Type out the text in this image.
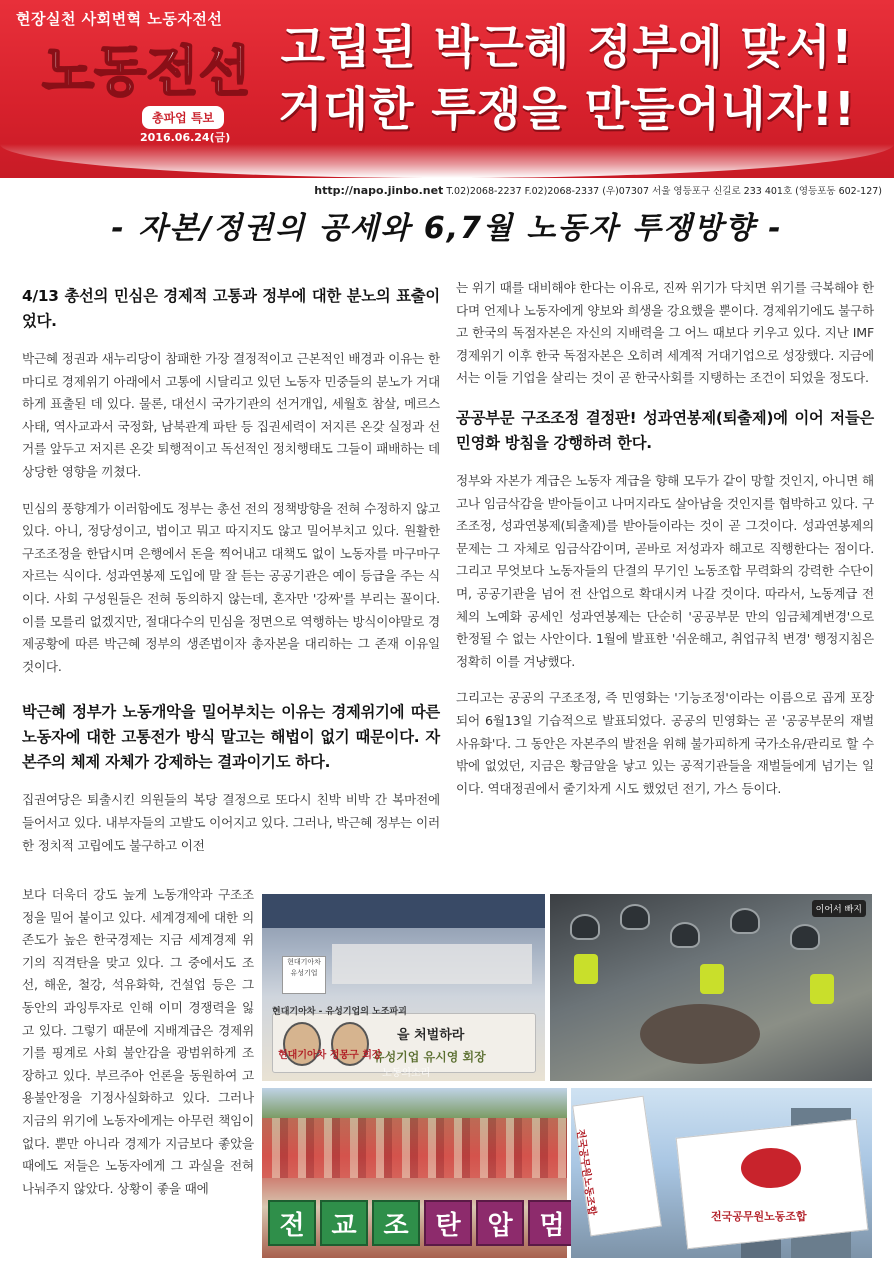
현장실천 사회변혁 노동자전선
노동전선
총파업 특보
2016.06.24(금)
고립된 박근혜 정부에 맞서!
거대한 투쟁을 만들어내자!!
http://napo.jinbo.net T.02)2068-2237 F.02)2068-2337 (우)07307 서울 영등포구 신길로 233 401호 (영등포동 602-127)
- 자본/정권의 공세와 6,7월 노동자 투쟁방향 -
4/13 총선의 민심은 경제적 고통과 정부에 대한 분노의 표출이었다.

박근혜 정권과 새누리당이 참패한 가장 결정적이고 근본적인 배경과 이유는 한마디로 경제위기 아래에서 고통에 시달리고 있던 노동자 민중들의 분노가 거대하게 표출된 데 있다. 물론, 대선시 국가기관의 선거개입, 세월호 참살, 메르스 사태, 역사교과서 국정화, 남북관계 파탄 등 집권세력이 저지른 온갖 실정과 선거를 앞두고 저지른 온갖 퇴행적이고 독선적인 정치행태도 그들이 패배하는 데 상당한 영향을 끼쳤다.

민심의 풍향계가 이러함에도 정부는 총선 전의 정책방향을 전혀 수정하지 않고 있다. 아니, 정당성이고, 법이고 뭐고 따지지도 않고 밀어부치고 있다. 원활한 구조조정을 한답시며 은행에서 돈을 찍어내고 대책도 없이 노동자를 마구마구 자르는 식이다. 성과연봉제 도입에 말 잘 듣는 공공기관은 예이 등급을 주는 식이다. 사회 구성원들은 전혀 동의하지 않는데, 혼자만 '강짜'를 부리는 꼴이다. 이를 모를리 없겠지만, 절대다수의 민심을 정면으로 역행하는 방식이야말로 경제공황에 따른 박근혜 정부의 생존법이자 총자본을 대리하는 그 존재 이유일 것이다.

박근혜 정부가 노동개악을 밀어부치는 이유는 경제위기에 따른 노동자에 대한 고통전가 방식 말고는 해법이 없기 때문이다. 자본주의 체제 자체가 강제하는 결과이기도 하다.

집권여당은 퇴출시킨 의원들의 복당 결정으로 또다시 친박 비박 간 복마전에 들어서고 있다. 내부자들의 고발도 이어지고 있다. 그러나, 박근혜 정부는 이러한 정치적 고립에도 불구하고 이전

보다 더욱더 강도 높게 노동개악과 구조조정을 밀어 붙이고 있다. 세계경제에 대한 의존도가 높은 한국경제는 지금 세계경제 위기의 직격탄을 맞고 있다. 그 중에서도 조선, 해운, 철강, 석유화학, 건설업 등은 그 동안의 과잉투자로 인해 이미 경쟁력을 잃고 있다. 그렇기 때문에 지배계급은 경제위기를 핑계로 사회 불안감을 광범위하게 조장하고 있다. 부르주아 언론을 동원하여 고용불안정을 기정사실화하고 있다. 그러나 지금의 위기에 노동자에게는 아무런 책임이 없다. 뿐만 아니라 경제가 지금보다 좋았을 때에도 저들은 노동자에게 그 과실을 전혀 나눠주지 않았다. 상황이 좋을 때에

는 위기 때를 대비해야 한다는 이유로, 진짜 위기가 닥치면 위기를 극복해야 한다며 언제나 노동자에게 양보와 희생을 강요했을 뿐이다. 경제위기에도 불구하고 한국의 독점자본은 자신의 지배력을 그 어느 때보다 키우고 있다. 지난 IMF 경제위기 이후 한국 독점자본은 오히려 세계적 거대기업으로 성장했다. 지금에서는 이들 기업을 살리는 것이 곧 한국사회를 지탱하는 조건이 되었을 정도다.

공공부문 구조조정 결정판! 성과연봉제(퇴출제)에 이어 저들은 민영화 방침을 강행하려 한다.

정부와 자본가 계급은 노동자 계급을 향해 모두가 같이 망할 것인지, 아니면 해고나 임금삭감을 받아들이고 나머지라도 살아남을 것인지를 협박하고 있다. 구조조정, 성과연봉제(퇴출제)를 받아들이라는 것이 곧 그것이다. 성과연봉제의 문제는 그 자체로 임금삭감이며, 곧바로 저성과자 해고로 직행한다는 점이다. 그리고 무엇보다 노동자들의 단결의 무기인 노동조합 무력화의 강력한 수단이며, 공공기관을 넘어 전 산업으로 확대시켜 나갈 것이다. 따라서, 노동계급 전체의 노예화 공세인 성과연봉제는 단순히 '공공부문 만의 임금체계변경'으로 한정될 수 없는 사안이다. 1월에 발표한 '쉬운해고, 취업규칙 변경' 행정지침은 정확히 이를 겨냥했다.

그리고는 공공의 구조조정, 즉 민영화는 '기능조정'이라는 이름으로 곱게 포장되어 6월13일 기습적으로 발표되었다. 공공의 민영화는 곧 '공공부문의 재벌 사유화'다. 그 동안은 자본주의 발전을 위해 불가피하게 국가소유/관리로 할 수밖에 없었던, 지금은 황금알을 낳고 있는 공적기관들을 재벌들에게 넘기는 일이다. 역대정권에서 줄기차게 시도 했었던 전기, 가스 등이다.

현대기아차
유성기업
을 처벌하라
유성기업 유시영 회장
현대기아차 - 유성기업의 노조파괴
현대기아차 정몽구 회장
노동의소리
이어서 빠지
전	교	조	탄	압	멈
전국공무원노동조합
전국공무원노동조합
